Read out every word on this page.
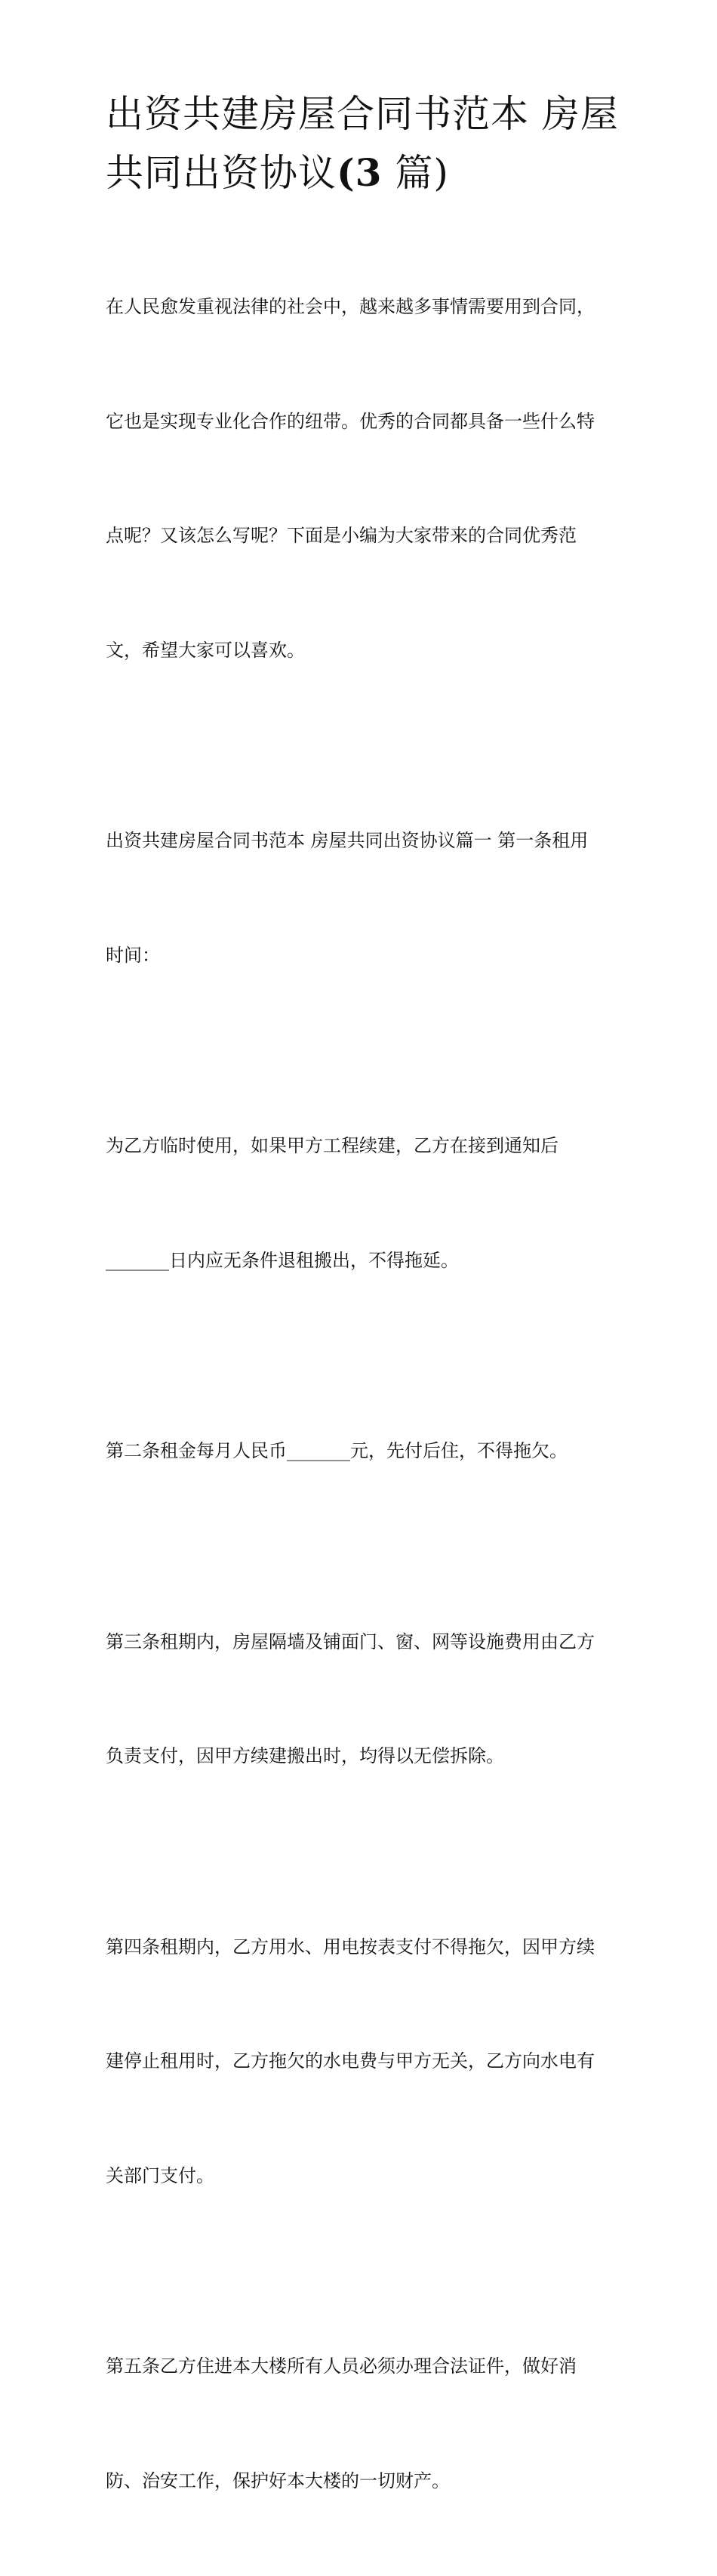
出资共建房屋合同书范本 房屋
共同出资协议(3 篇)

在人民愈发重视法律的社会中，越来越多事情需要用到合同，

它也是实现专业化合作的纽带。优秀的合同都具备一些什么特

点呢？又该怎么写呢？下面是小编为大家带来的合同优秀范

文，希望大家可以喜欢。

出资共建房屋合同书范本 房屋共同出资协议篇一 第一条租用

时间：

为乙方临时使用，如果甲方工程续建，乙方在接到通知后

_______日内应无条件退租搬出，不得拖延。

第二条租金每月人民币_______元，先付后住，不得拖欠。

第三条租期内，房屋隔墙及铺面门、窗、网等设施费用由乙方

负责支付，因甲方续建搬出时，均得以无偿拆除。

第四条租期内，乙方用水、用电按表支付不得拖欠，因甲方续

建停止租用时，乙方拖欠的水电费与甲方无关，乙方向水电有

关部门支付。

第五条乙方住进本大楼所有人员必须办理合法证件，做好消

防、治安工作，保护好本大楼的一切财产。
